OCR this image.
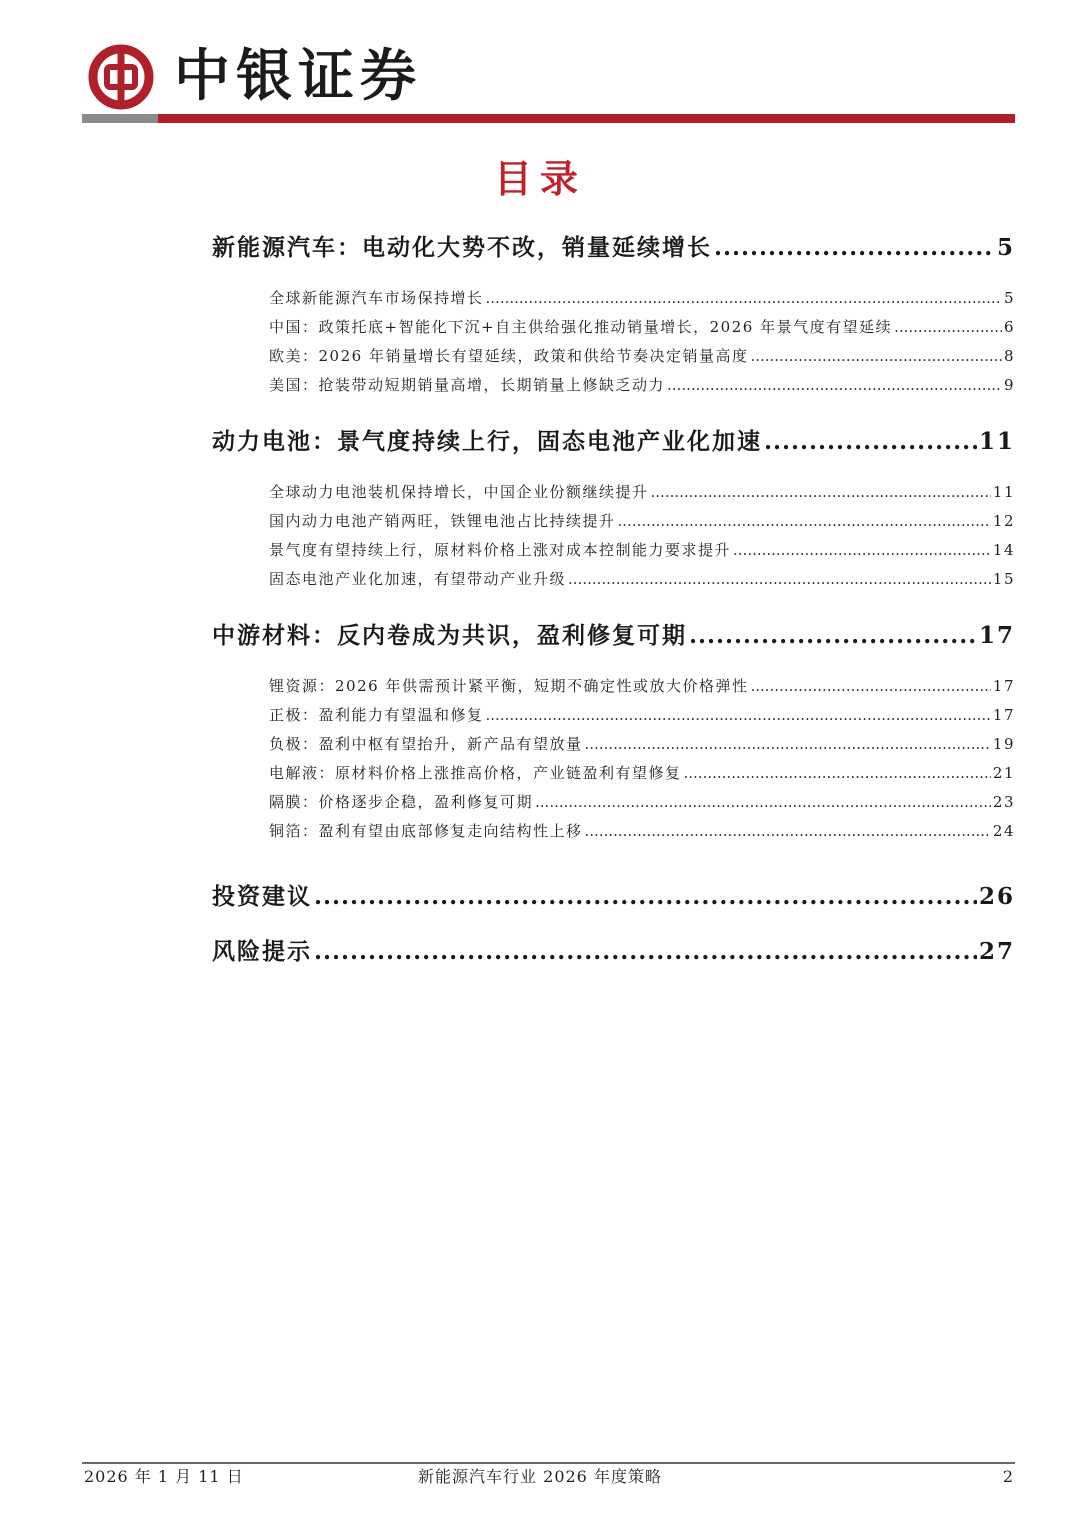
中银证券
目录
新能源汽车：电动化大势不改，销量延续增长 .....	5
全球新能源汽车市场保持增长 .....	5
中国：政策托底+智能化下沉+自主供给强化推动销量增长，2026 年景气度有望延续 .....	6
欧美：2026 年销量增长有望延续，政策和供给节奏决定销量高度 .....	8
美国：抢装带动短期销量高增，长期销量上修缺乏动力 .....	9
动力电池：景气度持续上行，固态电池产业化加速 .....	11
全球动力电池装机保持增长，中国企业份额继续提升 .....	11
国内动力电池产销两旺，铁锂电池占比持续提升 .....	12
景气度有望持续上行，原材料价格上涨对成本控制能力要求提升 .....	14
固态电池产业化加速，有望带动产业升级 .....	15
中游材料：反内卷成为共识，盈利修复可期 .....	17
锂资源：2026 年供需预计紧平衡，短期不确定性或放大价格弹性 .....	17
正极：盈利能力有望温和修复 .....	17
负极：盈利中枢有望抬升，新产品有望放量 .....	19
电解液：原材料价格上涨推高价格，产业链盈利有望修复 .....	21
隔膜：价格逐步企稳，盈利修复可期 .....	23
铜箔：盈利有望由底部修复走向结构性上移 .....	24
投资建议 .....	26
风险提示 .....	27
2026 年 1 月 11 日	新能源汽车行业 2026 年度策略	2
